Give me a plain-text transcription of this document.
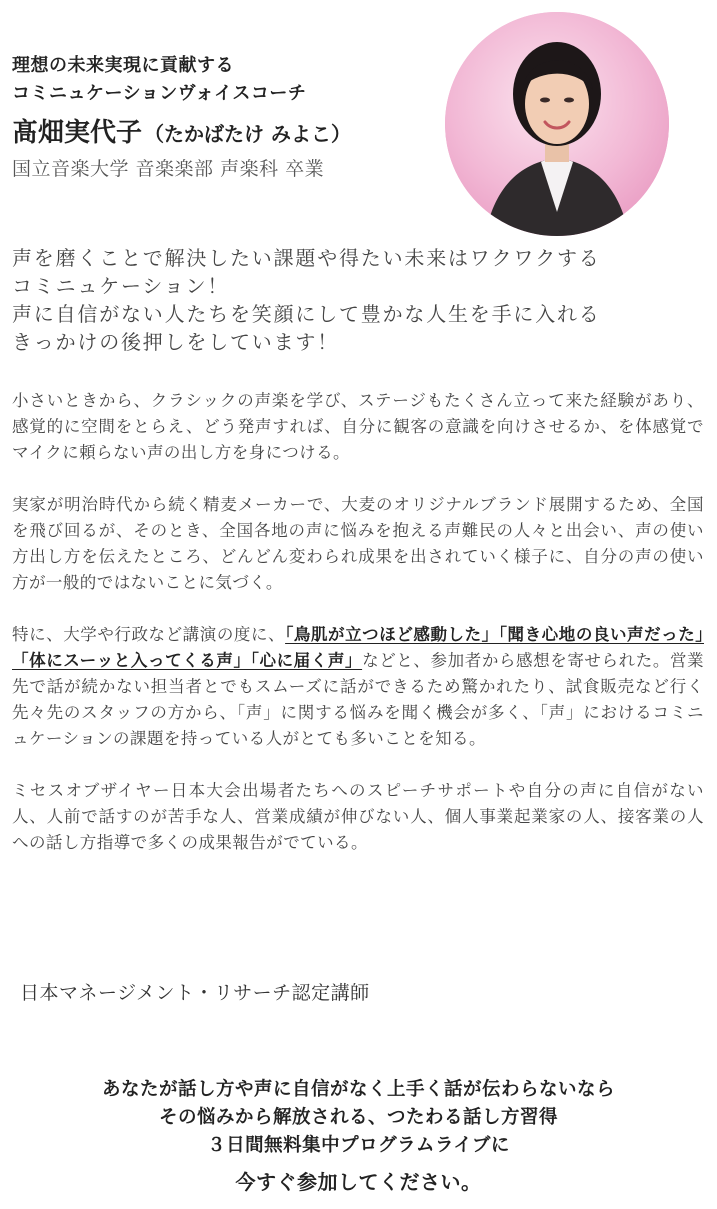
理想の未来実現に貢献する
コミニュケーションヴォイスコーチ
髙畑実代子 （たかばたけ みよこ）
国立音楽大学 音楽楽部 声楽科 卒業

声を磨くことで解決したい課題や得たい未来はワクワクする

コミニュケーション！

声に自信がない人たちを笑顔にして豊かな人生を手に入れる

きっかけの後押しをしています！

小さいときから、クラシックの声楽を学び、ステージもたくさん立って来た経験があり、感覚的に空間をとらえ、どう発声すれば、自分に観客の意識を向けさせるか、を体感覚でマイクに頼らない声の出し方を身につける。

実家が明治時代から続く精麦メーカーで、大麦のオリジナルブランド展開するため、全国を飛び回るが、そのとき、全国各地の声に悩みを抱える声難民の人々と出会い、声の使い方出し方を伝えたところ、どんどん変わられ成果を出されていく様子に、自分の声の使い方が一般的ではないことに気づく。

特に、大学や行政など講演の度に、「鳥肌が立つほど感動した」「聞き心地の良い声だった」「体にスーッと入ってくる声」「心に届く声」などと、参加者から感想を寄せられた。営業先で話が続かない担当者とでもスムーズに話ができるため驚かれたり、試食販売など行く先々先のスタッフの方から、「声」に関する悩みを聞く機会が多く、「声」におけるコミニュケーションの課題を持っている人がとても多いことを知る。

ミセスオブザイヤー日本大会出場者たちへのスピーチサポートや自分の声に自信がない人、人前で話すのが苦手な人、営業成績が伸びない人、個人事業起業家の人、接客業の人への話し方指導で多くの成果報告がでている。

日本マネージメント・リサーチ認定講師
あなたが話し方や声に自信がなく上手く話が伝わらないなら
その悩みから解放される、つたわる話し方習得
３日間無料集中プログラムライブに
今すぐ参加してください。
